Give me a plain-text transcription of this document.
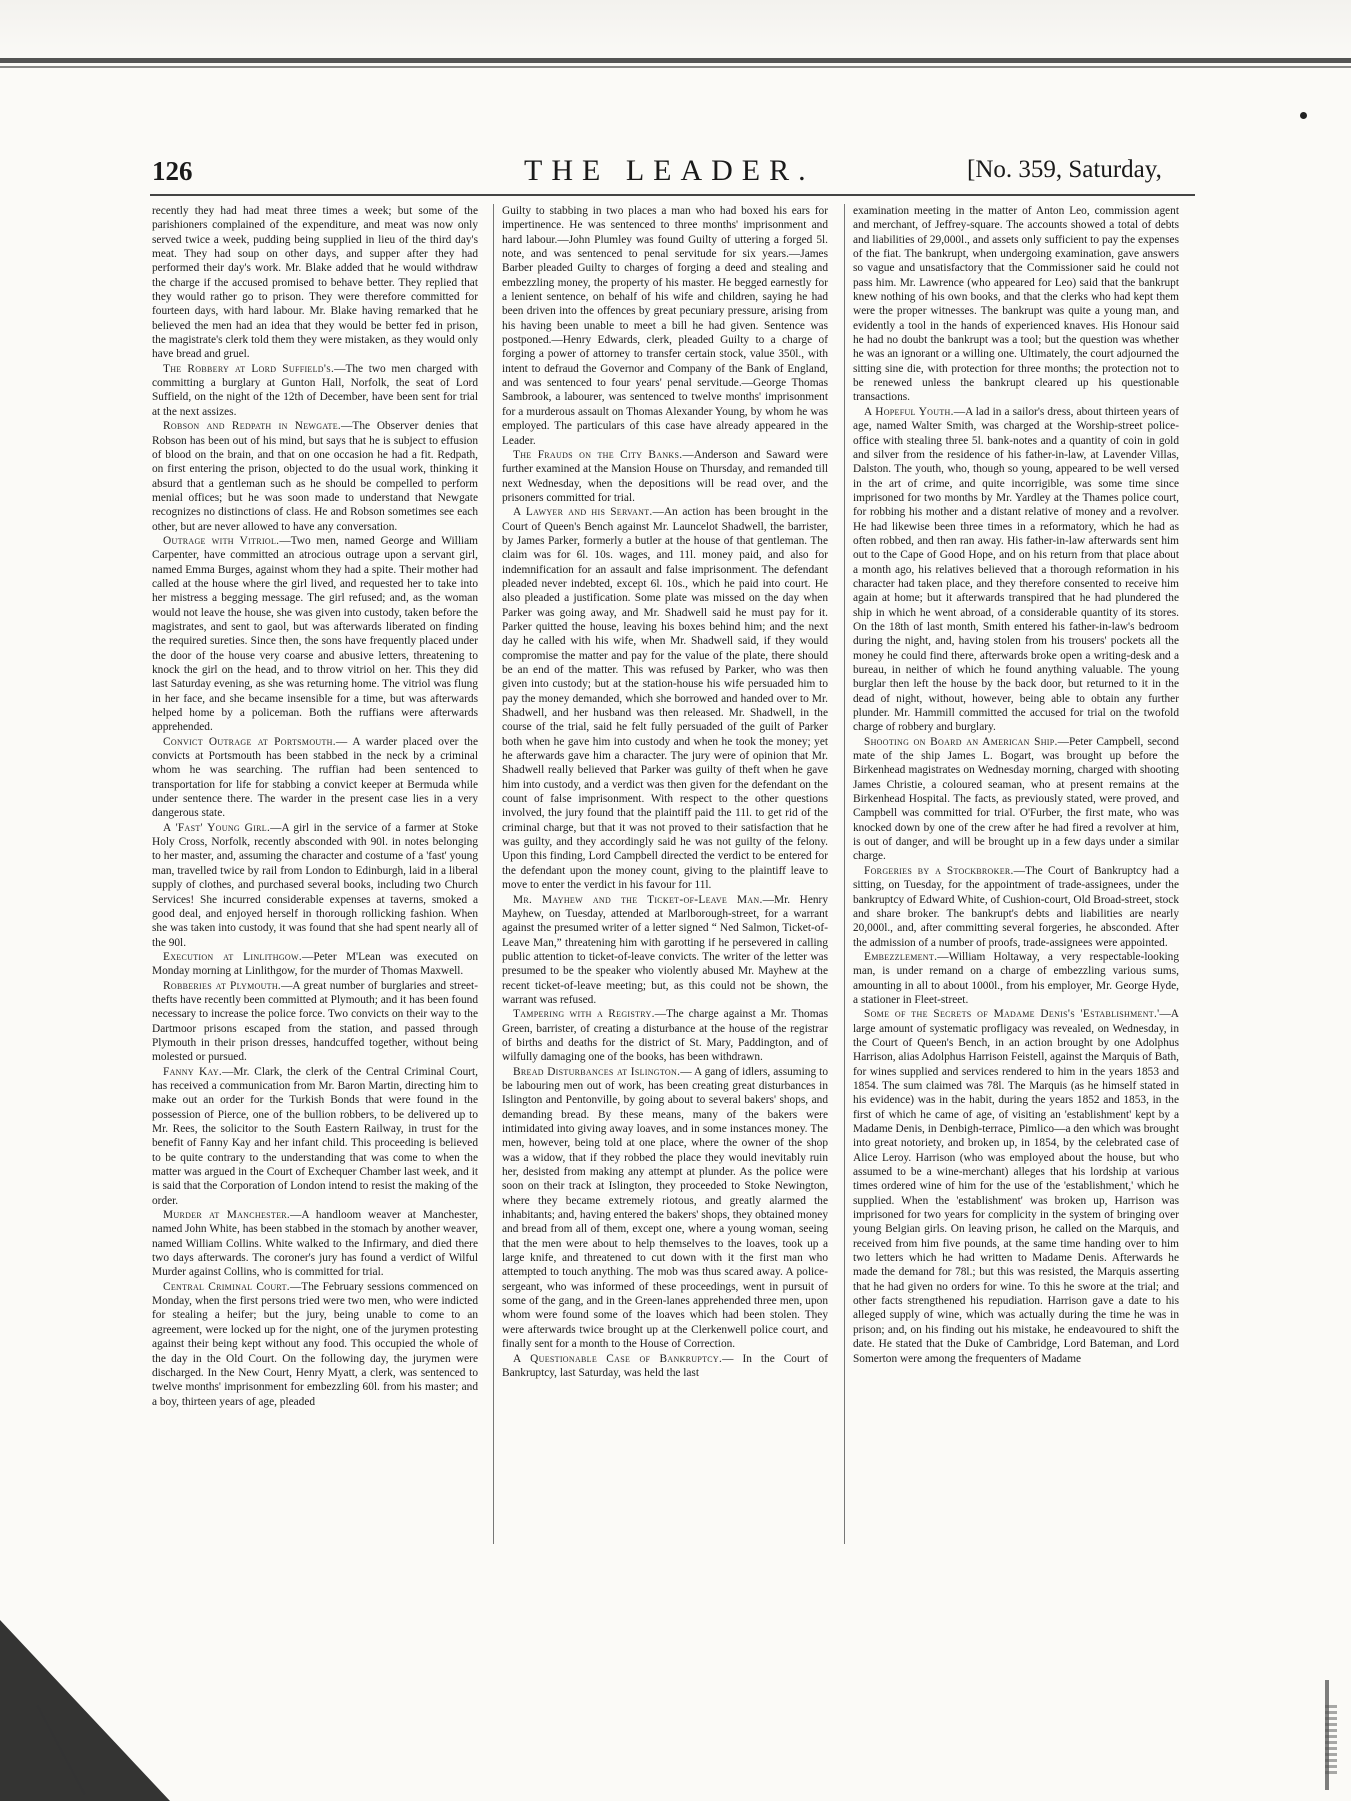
126	THE LEADER.	[No. 359, Saturday,

recently they had had meat three times a week; but some of the parishioners complained of the expenditure, and meat was now only served twice a week, pudding being supplied in lieu of the third day's meat. They had soup on other days, and supper after they had performed their day's work. Mr. Blake added that he would withdraw the charge if the accused promised to behave better. They replied that they would rather go to prison. They were therefore committed for fourteen days, with hard labour. Mr. Blake having remarked that he believed the men had an idea that they would be better fed in prison, the magistrate's clerk told them they were mistaken, as they would only have bread and gruel.

The Robbery at Lord Suffield's.—The two men charged with committing a burglary at Gunton Hall, Norfolk, the seat of Lord Suffield, on the night of the 12th of December, have been sent for trial at the next assizes.

Robson and Redpath in Newgate.—The Observer denies that Robson has been out of his mind, but says that he is subject to effusion of blood on the brain, and that on one occasion he had a fit. Redpath, on first entering the prison, objected to do the usual work, thinking it absurd that a gentleman such as he should be compelled to perform menial offices; but he was soon made to understand that Newgate recognizes no distinctions of class. He and Robson sometimes see each other, but are never allowed to have any conversation.

Outrage with Vitriol.—Two men, named George and William Carpenter, have committed an atrocious outrage upon a servant girl, named Emma Burges, against whom they had a spite. Their mother had called at the house where the girl lived, and requested her to take into her mistress a begging message. The girl refused; and, as the woman would not leave the house, she was given into custody, taken before the magistrates, and sent to gaol, but was afterwards liberated on finding the required sureties. Since then, the sons have frequently placed under the door of the house very coarse and abusive letters, threatening to knock the girl on the head, and to throw vitriol on her. This they did last Saturday evening, as she was returning home. The vitriol was flung in her face, and she became insensible for a time, but was afterwards helped home by a policeman. Both the ruffians were afterwards apprehended.

Convict Outrage at Portsmouth.— A warder placed over the convicts at Portsmouth has been stabbed in the neck by a criminal whom he was searching. The ruffian had been sentenced to transportation for life for stabbing a convict keeper at Bermuda while under sentence there. The warder in the present case lies in a very dangerous state.

A 'Fast' Young Girl.—A girl in the service of a farmer at Stoke Holy Cross, Norfolk, recently absconded with 90l. in notes belonging to her master, and, assuming the character and costume of a 'fast' young man, travelled twice by rail from London to Edinburgh, laid in a liberal supply of clothes, and purchased several books, including two Church Services! She incurred considerable expenses at taverns, smoked a good deal, and enjoyed herself in thorough rollicking fashion. When she was taken into custody, it was found that she had spent nearly all of the 90l.

Execution at Linlithgow.—Peter M'Lean was executed on Monday morning at Linlithgow, for the murder of Thomas Maxwell.

Robberies at Plymouth.—A great number of burglaries and street-thefts have recently been committed at Plymouth; and it has been found necessary to increase the police force. Two convicts on their way to the Dartmoor prisons escaped from the station, and passed through Plymouth in their prison dresses, handcuffed together, without being molested or pursued.

Fanny Kay.—Mr. Clark, the clerk of the Central Criminal Court, has received a communication from Mr. Baron Martin, directing him to make out an order for the Turkish Bonds that were found in the possession of Pierce, one of the bullion robbers, to be delivered up to Mr. Rees, the solicitor to the South Eastern Railway, in trust for the benefit of Fanny Kay and her infant child. This proceeding is believed to be quite contrary to the understanding that was come to when the matter was argued in the Court of Exchequer Chamber last week, and it is said that the Corporation of London intend to resist the making of the order.

Murder at Manchester.—A handloom weaver at Manchester, named John White, has been stabbed in the stomach by another weaver, named William Collins. White walked to the Infirmary, and died there two days afterwards. The coroner's jury has found a verdict of Wilful Murder against Collins, who is committed for trial.

Central Criminal Court.—The February sessions commenced on Monday, when the first persons tried were two men, who were indicted for stealing a heifer; but the jury, being unable to come to an agreement, were locked up for the night, one of the jurymen protesting against their being kept without any food. This occupied the whole of the day in the Old Court. On the following day, the jurymen were discharged. In the New Court, Henry Myatt, a clerk, was sentenced to twelve months' imprisonment for embezzling 60l. from his master; and a boy, thirteen years of age, pleaded

Guilty to stabbing in two places a man who had boxed his ears for impertinence. He was sentenced to three months' imprisonment and hard labour.—John Plumley was found Guilty of uttering a forged 5l. note, and was sentenced to penal servitude for six years.—James Barber pleaded Guilty to charges of forging a deed and stealing and embezzling money, the property of his master. He begged earnestly for a lenient sentence, on behalf of his wife and children, saying he had been driven into the offences by great pecuniary pressure, arising from his having been unable to meet a bill he had given. Sentence was postponed.—Henry Edwards, clerk, pleaded Guilty to a charge of forging a power of attorney to transfer certain stock, value 350l., with intent to defraud the Governor and Company of the Bank of England, and was sentenced to four years' penal servitude.—George Thomas Sambrook, a labourer, was sentenced to twelve months' imprisonment for a murderous assault on Thomas Alexander Young, by whom he was employed. The particulars of this case have already appeared in the Leader.

The Frauds on the City Banks.—Anderson and Saward were further examined at the Mansion House on Thursday, and remanded till next Wednesday, when the depositions will be read over, and the prisoners committed for trial.

A Lawyer and his Servant.—An action has been brought in the Court of Queen's Bench against Mr. Launcelot Shadwell, the barrister, by James Parker, formerly a butler at the house of that gentleman. The claim was for 6l. 10s. wages, and 11l. money paid, and also for indemnification for an assault and false imprisonment. The defendant pleaded never indebted, except 6l. 10s., which he paid into court. He also pleaded a justification. Some plate was missed on the day when Parker was going away, and Mr. Shadwell said he must pay for it. Parker quitted the house, leaving his boxes behind him; and the next day he called with his wife, when Mr. Shadwell said, if they would compromise the matter and pay for the value of the plate, there should be an end of the matter. This was refused by Parker, who was then given into custody; but at the station-house his wife persuaded him to pay the money demanded, which she borrowed and handed over to Mr. Shadwell, and her husband was then released. Mr. Shadwell, in the course of the trial, said he felt fully persuaded of the guilt of Parker both when he gave him into custody and when he took the money; yet he afterwards gave him a character. The jury were of opinion that Mr. Shadwell really believed that Parker was guilty of theft when he gave him into custody, and a verdict was then given for the defendant on the count of false imprisonment. With respect to the other questions involved, the jury found that the plaintiff paid the 11l. to get rid of the criminal charge, but that it was not proved to their satisfaction that he was guilty, and they accordingly said he was not guilty of the felony. Upon this finding, Lord Campbell directed the verdict to be entered for the defendant upon the money count, giving to the plaintiff leave to move to enter the verdict in his favour for 11l.

Mr. Mayhew and the Ticket-of-Leave Man.—Mr. Henry Mayhew, on Tuesday, attended at Marlborough-street, for a warrant against the presumed writer of a letter signed “ Ned Salmon, Ticket-of-Leave Man,” threatening him with garotting if he persevered in calling public attention to ticket-of-leave convicts. The writer of the letter was presumed to be the speaker who violently abused Mr. Mayhew at the recent ticket-of-leave meeting; but, as this could not be shown, the warrant was refused.

Tampering with a Registry.—The charge against a Mr. Thomas Green, barrister, of creating a disturbance at the house of the registrar of births and deaths for the district of St. Mary, Paddington, and of wilfully damaging one of the books, has been withdrawn.

Bread Disturbances at Islington.— A gang of idlers, assuming to be labouring men out of work, has been creating great disturbances in Islington and Pentonville, by going about to several bakers' shops, and demanding bread. By these means, many of the bakers were intimidated into giving away loaves, and in some instances money. The men, however, being told at one place, where the owner of the shop was a widow, that if they robbed the place they would inevitably ruin her, desisted from making any attempt at plunder. As the police were soon on their track at Islington, they proceeded to Stoke Newington, where they became extremely riotous, and greatly alarmed the inhabitants; and, having entered the bakers' shops, they obtained money and bread from all of them, except one, where a young woman, seeing that the men were about to help themselves to the loaves, took up a large knife, and threatened to cut down with it the first man who attempted to touch anything. The mob was thus scared away. A police-sergeant, who was informed of these proceedings, went in pursuit of some of the gang, and in the Green-lanes apprehended three men, upon whom were found some of the loaves which had been stolen. They were afterwards twice brought up at the Clerkenwell police court, and finally sent for a month to the House of Correction.

A Questionable Case of Bankruptcy.— In the Court of Bankruptcy, last Saturday, was held the last

examination meeting in the matter of Anton Leo, commission agent and merchant, of Jeffrey-square. The accounts showed a total of debts and liabilities of 29,000l., and assets only sufficient to pay the expenses of the fiat. The bankrupt, when undergoing examination, gave answers so vague and unsatisfactory that the Commissioner said he could not pass him. Mr. Lawrence (who appeared for Leo) said that the bankrupt knew nothing of his own books, and that the clerks who had kept them were the proper witnesses. The bankrupt was quite a young man, and evidently a tool in the hands of experienced knaves. His Honour said he had no doubt the bankrupt was a tool; but the question was whether he was an ignorant or a willing one. Ultimately, the court adjourned the sitting sine die, with protection for three months; the protection not to be renewed unless the bankrupt cleared up his questionable transactions.

A Hopeful Youth.—A lad in a sailor's dress, about thirteen years of age, named Walter Smith, was charged at the Worship-street police-office with stealing three 5l. bank-notes and a quantity of coin in gold and silver from the residence of his father-in-law, at Lavender Villas, Dalston. The youth, who, though so young, appeared to be well versed in the art of crime, and quite incorrigible, was some time since imprisoned for two months by Mr. Yardley at the Thames police court, for robbing his mother and a distant relative of money and a revolver. He had likewise been three times in a reformatory, which he had as often robbed, and then ran away. His father-in-law afterwards sent him out to the Cape of Good Hope, and on his return from that place about a month ago, his relatives believed that a thorough reformation in his character had taken place, and they therefore consented to receive him again at home; but it afterwards transpired that he had plundered the ship in which he went abroad, of a considerable quantity of its stores. On the 18th of last month, Smith entered his father-in-law's bedroom during the night, and, having stolen from his trousers' pockets all the money he could find there, afterwards broke open a writing-desk and a bureau, in neither of which he found anything valuable. The young burglar then left the house by the back door, but returned to it in the dead of night, without, however, being able to obtain any further plunder. Mr. Hammill committed the accused for trial on the twofold charge of robbery and burglary.

Shooting on Board an American Ship.—Peter Campbell, second mate of the ship James L. Bogart, was brought up before the Birkenhead magistrates on Wednesday morning, charged with shooting James Christie, a coloured seaman, who at present remains at the Birkenhead Hospital. The facts, as previously stated, were proved, and Campbell was committed for trial. O'Furber, the first mate, who was knocked down by one of the crew after he had fired a revolver at him, is out of danger, and will be brought up in a few days under a similar charge.

Forgeries by a Stockbroker.—The Court of Bankruptcy had a sitting, on Tuesday, for the appointment of trade-assignees, under the bankruptcy of Edward White, of Cushion-court, Old Broad-street, stock and share broker. The bankrupt's debts and liabilities are nearly 20,000l., and, after committing several forgeries, he absconded. After the admission of a number of proofs, trade-assignees were appointed.

Embezzlement.—William Holtaway, a very respectable-looking man, is under remand on a charge of embezzling various sums, amounting in all to about 1000l., from his employer, Mr. George Hyde, a stationer in Fleet-street.

Some of the Secrets of Madame Denis's 'Establishment.'—A large amount of systematic profligacy was revealed, on Wednesday, in the Court of Queen's Bench, in an action brought by one Adolphus Harrison, alias Adolphus Harrison Feistell, against the Marquis of Bath, for wines supplied and services rendered to him in the years 1853 and 1854. The sum claimed was 78l. The Marquis (as he himself stated in his evidence) was in the habit, during the years 1852 and 1853, in the first of which he came of age, of visiting an 'establishment' kept by a Madame Denis, in Denbigh-terrace, Pimlico—a den which was brought into great notoriety, and broken up, in 1854, by the celebrated case of Alice Leroy. Harrison (who was employed about the house, but who assumed to be a wine-merchant) alleges that his lordship at various times ordered wine of him for the use of the 'establishment,' which he supplied. When the 'establishment' was broken up, Harrison was imprisoned for two years for complicity in the system of bringing over young Belgian girls. On leaving prison, he called on the Marquis, and received from him five pounds, at the same time handing over to him two letters which he had written to Madame Denis. Afterwards he made the demand for 78l.; but this was resisted, the Marquis asserting that he had given no orders for wine. To this he swore at the trial; and other facts strengthened his repudiation. Harrison gave a date to his alleged supply of wine, which was actually during the time he was in prison; and, on his finding out his mistake, he endeavoured to shift the date. He stated that the Duke of Cambridge, Lord Bateman, and Lord Somerton were among the frequenters of Madame
